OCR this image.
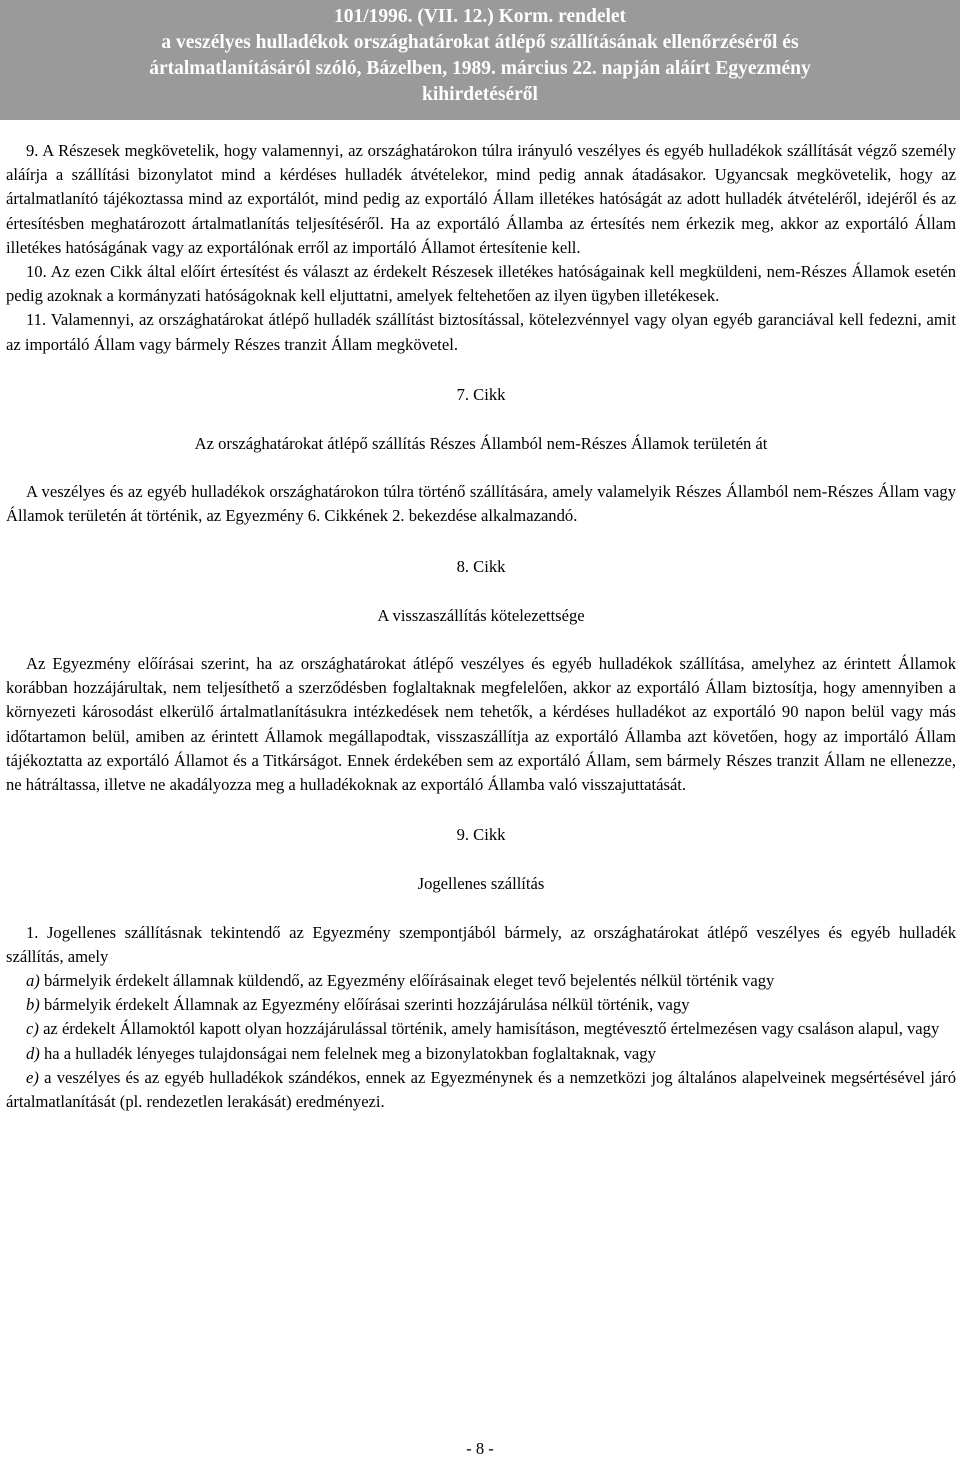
101/1996. (VII. 12.) Korm. rendelet
a veszélyes hulladékok országhatárokat átlépő szállításának ellenőrzéséről és
ártalmatlanításáról szóló, Bázelben, 1989. március 22. napján aláírt Egyezmény
kihirdetéséről

9. A Részesek megkövetelik, hogy valamennyi, az országhatárokon túlra irányuló veszélyes és egyéb hulladékok szállítását végző személy aláírja a szállítási bizonylatot mind a kérdéses hulladék átvételekor, mind pedig annak átadásakor. Ugyancsak megkövetelik, hogy az ártalmatlanító tájékoztassa mind az exportálót, mind pedig az exportáló Állam illetékes hatóságát az adott hulladék átvételéről, idejéről és az értesítésben meghatározott ártalmatlanítás teljesítéséről. Ha az exportáló Államba az értesítés nem érkezik meg, akkor az exportáló Állam illetékes hatóságának vagy az exportálónak erről az importáló Államot értesítenie kell.

10. Az ezen Cikk által előírt értesítést és választ az érdekelt Részesek illetékes hatóságainak kell megküldeni, nem-Részes Államok esetén pedig azoknak a kormányzati hatóságoknak kell eljuttatni, amelyek feltehetően az ilyen ügyben illetékesek.

11. Valamennyi, az országhatárokat átlépő hulladék szállítást biztosítással, kötelezvénnyel vagy olyan egyéb garanciával kell fedezni, amit az importáló Állam vagy bármely Részes tranzit Állam megkövetel.

7. Cikk

Az országhatárokat átlépő szállítás Részes Államból nem-Részes Államok területén át

A veszélyes és az egyéb hulladékok országhatárokon túlra történő szállítására, amely valamelyik Részes Államból nem-Részes Állam vagy Államok területén át történik, az Egyezmény 6. Cikkének 2. bekezdése alkalmazandó.

8. Cikk

A visszaszállítás kötelezettsége

Az Egyezmény előírásai szerint, ha az országhatárokat átlépő veszélyes és egyéb hulladékok szállítása, amelyhez az érintett Államok korábban hozzájárultak, nem teljesíthető a szerződésben foglaltaknak megfelelően, akkor az exportáló Állam biztosítja, hogy amennyiben a környezeti károsodást elkerülő ártalmatlanításukra intézkedések nem tehetők, a kérdéses hulladékot az exportáló 90 napon belül vagy más időtartamon belül, amiben az érintett Államok megállapodtak, visszaszállítja az exportáló Államba azt követően, hogy az importáló Állam tájékoztatta az exportáló Államot és a Titkárságot. Ennek érdekében sem az exportáló Állam, sem bármely Részes tranzit Állam ne ellenezze, ne hátráltassa, illetve ne akadályozza meg a hulladékoknak az exportáló Államba való visszajuttatását.

9. Cikk

Jogellenes szállítás

1. Jogellenes szállításnak tekintendő az Egyezmény szempontjából bármely, az országhatárokat átlépő veszélyes és egyéb hulladék szállítás, amely

a) bármelyik érdekelt államnak küldendő, az Egyezmény előírásainak eleget tevő bejelentés nélkül történik vagy

b) bármelyik érdekelt Államnak az Egyezmény előírásai szerinti hozzájárulása nélkül történik, vagy

c) az érdekelt Államoktól kapott olyan hozzájárulással történik, amely hamisításon, megtévesztő értelmezésen vagy csaláson alapul, vagy

d) ha a hulladék lényeges tulajdonságai nem felelnek meg a bizonylatokban foglaltaknak, vagy

e) a veszélyes és az egyéb hulladékok szándékos, ennek az Egyezménynek és a nemzetközi jog általános alapelveinek megsértésével járó ártalmatlanítását (pl. rendezetlen lerakását) eredményezi.

- 8 -
